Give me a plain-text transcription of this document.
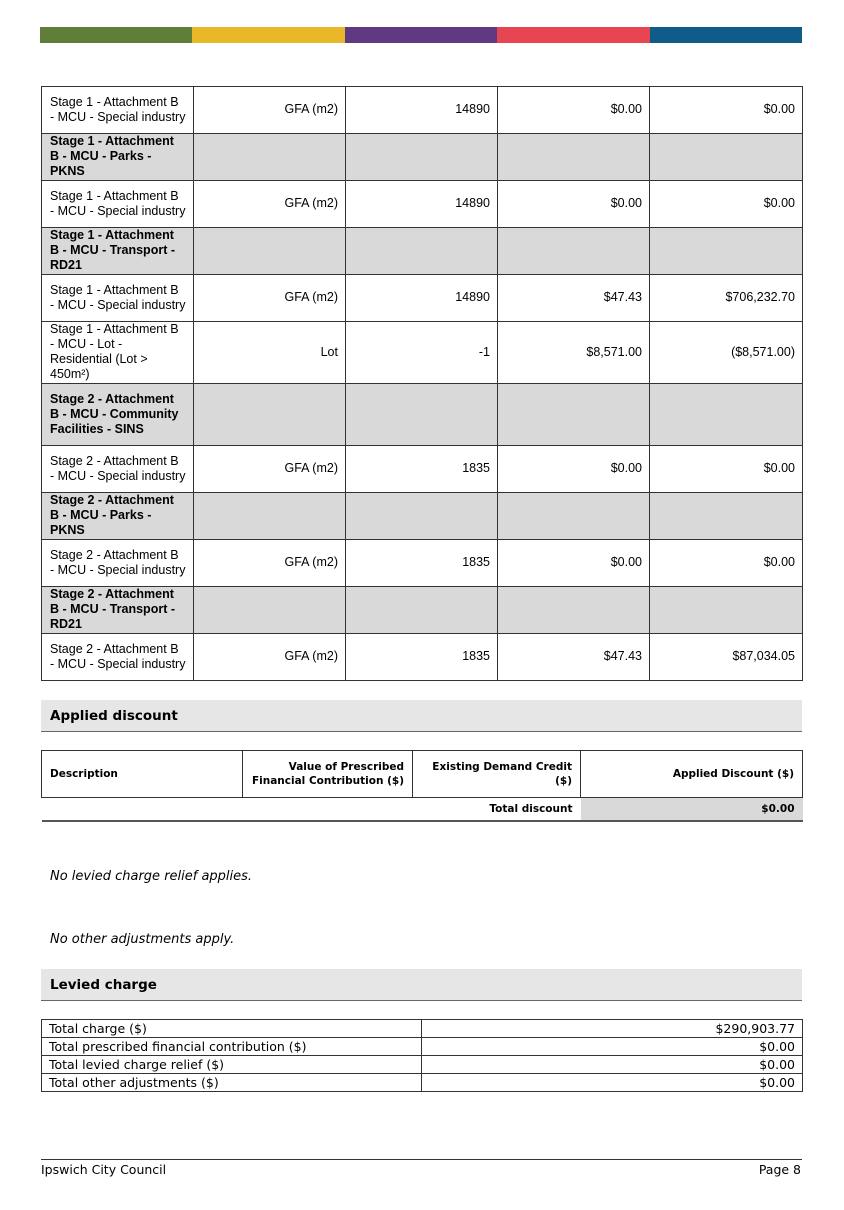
Stage 1 - Attachment B - MCU - Special industry	GFA (m2)	14890	$0.00	$0.00
Stage 1 - Attachment B - MCU - Parks - PKNS				
Stage 1 - Attachment B - MCU - Special industry	GFA (m2)	14890	$0.00	$0.00
Stage 1 - Attachment B - MCU - Transport - RD21				
Stage 1 - Attachment B - MCU - Special industry	GFA (m2)	14890	$47.43	$706,232.70
Stage 1 - Attachment B - MCU - Lot - Residential (Lot > 450m²)	Lot	-1	$8,571.00	($8,571.00)
Stage 2 - Attachment B - MCU - Community Facilities - SINS				
Stage 2 - Attachment B - MCU - Special industry	GFA (m2)	1835	$0.00	$0.00
Stage 2 - Attachment B - MCU - Parks - PKNS				
Stage 2 - Attachment B - MCU - Special industry	GFA (m2)	1835	$0.00	$0.00
Stage 2 - Attachment B - MCU - Transport - RD21				
Stage 2 - Attachment B - MCU - Special industry	GFA (m2)	1835	$47.43	$87,034.05
Applied discount
Description	Value of Prescribed Financial Contribution ($)	Existing Demand Credit ($)	Applied Discount ($)
Total discount			$0.00
No levied charge relief applies.
No other adjustments apply.
Levied charge
Total charge ($)	$290,903.77
Total prescribed financial contribution ($)	$0.00
Total levied charge relief ($)	$0.00
Total other adjustments ($)	$0.00
Ipswich City Council	Page 8
